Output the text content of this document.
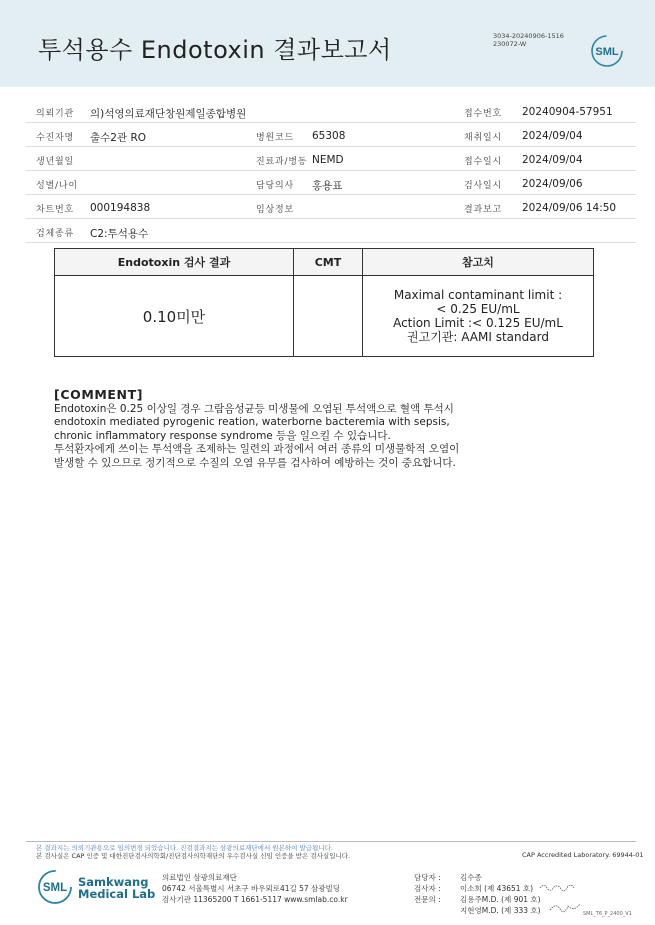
투석용수 Endotoxin 결과보고서	3034-20240906-1516
230072-W
SML
의뢰기관 의)석영의료재단창원제일종합병원	접수번호 20240904-57951
수진자명 출수2관 RO	병원코드 65308	채취일시 2024/09/04
생년월일	진료과/병동 NEMD	접수일시 2024/09/04
성별/나이	담당의사 홍용표	검사일시 2024/09/06
차트번호 000194838	임상정보	결과보고 2024/09/06 14:50
검체종류 C2:투석용수
Endotoxin 검사 결과	CMT	참고치
0.10미만		Maximal contaminant limit :
< 0.25 EU/mL
Action Limit :< 0.125 EU/mL
권고기관: AAMI standard
[COMMENT]
Endotoxin은 0.25 이상일 경우 그람음성균등 미생물에 오염된 투석액으로 혈액 투석시
endotoxin mediated pyrogenic reation, waterborne bacteremia with sepsis,
chronic inflammatory response syndrome 등을 일으킬 수 있습니다.
투석환자에게 쓰이는 투석액을 조제하는 일련의 과정에서 여러 종류의 미생물학적 오염이
발생할 수 있으므로 정기적으로 수질의 오염 유무를 검사하여 예방하는 것이 중요합니다.
본 결과지는 의뢰기관용으로 임의변경 되었습니다. 진검결과지는 삼광의료재단에서 원본하여 발급됩니다.
본 검사실은 CAP 인증 및 대한진단검사의학회/진단검사의학재단의 우수검사실 신임 인증을 받은 검사실입니다.	CAP Accredited Laboratory. 69944-01
SML Samkwang
Medical Lab
의료법인 삼광의료재단
06742 서울특별시 서초구 바우뫼로41길 57 삼광빌딩
검사기관 11365200 T 1661-5117 www.smlab.co.kr
담당자 :	김수종
검사자 :	이소희 (제 43651 호)
전문의 :	김용주M.D. (제 901 호)
지현영M.D. (제 333 호)	SML_T6_P_2400_V1
